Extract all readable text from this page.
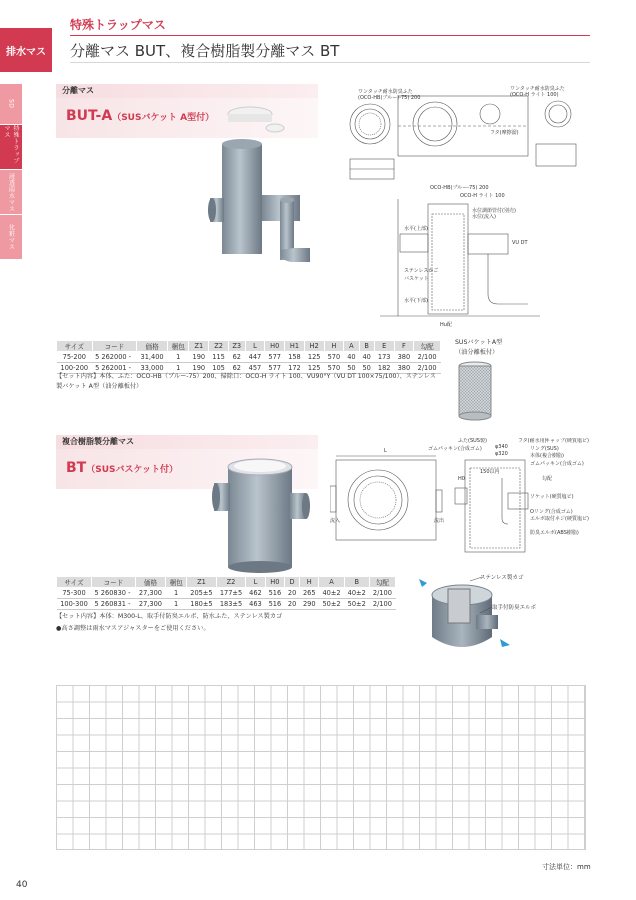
排水マス
SD
特殊トラップマス
浸透雨水マス
化粧マス
特殊トラップマス
分離マス BUT、複合樹脂製分離マス BT
分離マス
BUT-A（SUSバケット A型付）
ワンタッチ耐水防臭ふた
(OCO-HB(ブルー)-75) 200
ワンタッチ耐水防臭ふた
(OCO-H ライト 100)
OCO-HB(ブルー-75) 200
OCO-H ライト 100
フタ(摩擦溜)
水位調節管付(別売)
水位(流入)
水平(上部)
VU DT
ステンレスかご
バスケット
水平(下部)
Hu配
サイズ	コード	価格	梱包	Z1	Z2	Z3	L	H0	H1	H2	H	A	B	E	F	勾配
75-200	5 262000 -	31,400	1	190	115	62	447	577	158	125	570	40	40	173	380	2/100
100-200	5 262001 -	33,000	1	190	105	62	457	577	172	125	570	50	50	182	380	2/100
SUSバケットA型
（油分離板付）
【セット内容】本体、ふた：OCO-HB（ブルー-75）200、掃除口：OCO-H ライト 100、VU90°Y（VU DT 100×75/100）、ステンレス製バケット A型（油分離板付）
複合樹脂製分離マス
BT（SUSバスケット付）
ふた(SUS製)
ゴムパッキン(合成ゴム)	φ340
φ320
フタ(耐水用)
キャップ(硬質塩ビ)
リング(SUS)
本体(複合樹脂)
ゴムパッキン(合成ゴム)
150以内
H0	勾配
ソケット(硬質塩ビ)
Oリング(合成ゴム)
エルボ取付ネジ(硬質塩ビ)
防臭エルボ(ABS樹脂)
L
流入	流出
サイズ	コード	価格	梱包	Z1	Z2	L	H0	D	H	A	B	勾配
75-300	5 260830 -	27,300	1	205±5	177±5	462	516	20	265	40±2	40±2	2/100
100-300	5 260831 -	27,300	1	180±5	183±5	463	516	20	290	50±2	50±2	2/100
【セット内容】本体：M300-L、取手付防臭エルボ、防水ふた、ステンレス製カゴ
●高さ調整は雨水マスアジャスターをご使用ください。
ステンレス製カゴ
取手付防臭エルボ
寸法単位：mm
40
